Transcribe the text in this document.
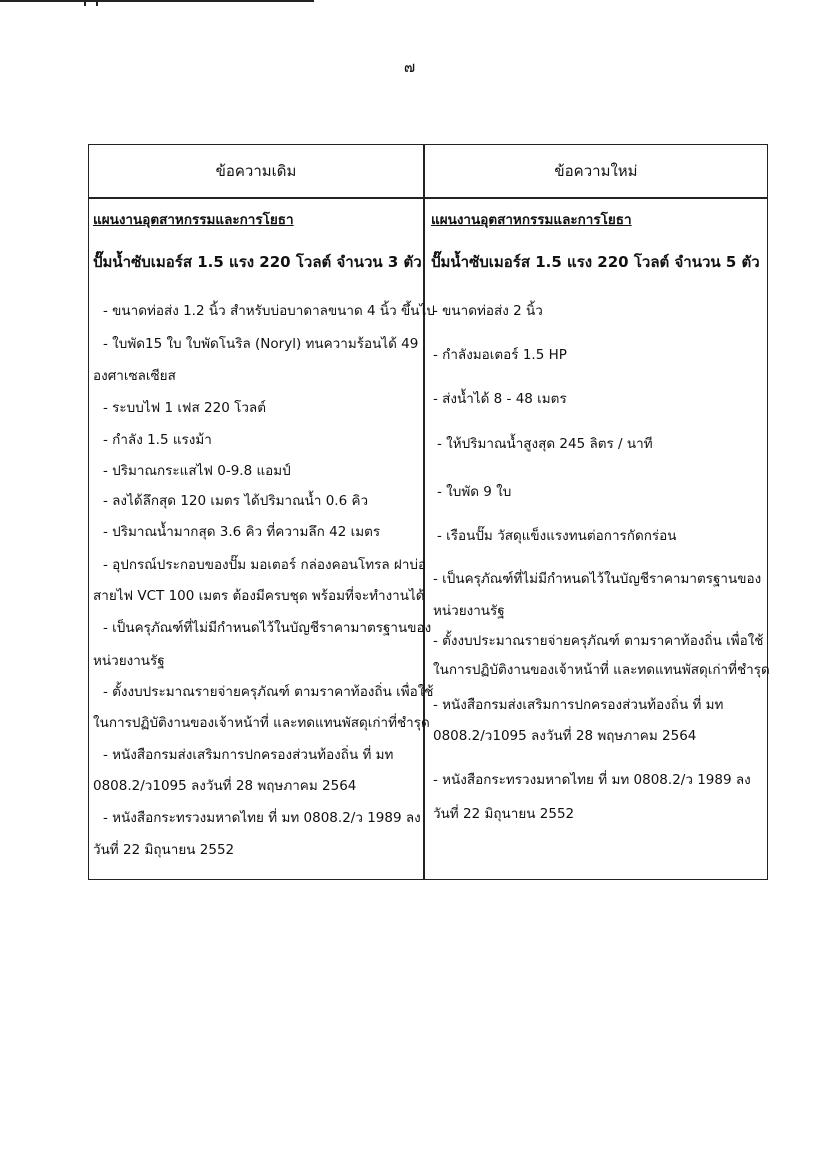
๗
ข้อความเดิม	ข้อความใหม่
แผนงานอุตสาหกรรมและการโยธา
ปั๊มน้ำซับเมอร์ส 1.5 แรง 220 โวลต์ จำนวน 3 ตัว
- ขนาดท่อส่ง 1.2 นิ้ว สำหรับบ่อบาดาลขนาด 4 นิ้ว ขึ้นไป
- ใบพัด15 ใบ ใบพัดโนริล (Noryl) ทนความร้อนได้ 49
องศาเซลเซียส
- ระบบไฟ 1 เฟส 220 โวลต์
- กำลัง 1.5 แรงม้า
- ปริมาณกระแสไฟ 0-9.8 แอมป์
- ลงได้ลึกสุด 120 เมตร ได้ปริมาณน้ำ 0.6 คิว
- ปริมาณน้ำมากสุด 3.6 คิว ที่ความลึก 42 เมตร
- อุปกรณ์ประกอบของปั๊ม มอเตอร์ กล่องคอนโทรล ฝาบ่อ
สายไฟ VCT 100 เมตร ต้องมีครบชุด พร้อมที่จะทำงานได้
- เป็นครุภัณฑ์ที่ไม่มีกำหนดไว้ในบัญชีราคามาตรฐานของ
หน่วยงานรัฐ
- ตั้งงบประมาณรายจ่ายครุภัณฑ์ ตามราคาท้องถิ่น เพื่อใช้
ในการปฏิบัติงานของเจ้าหน้าที่ และทดแทนพัสดุเก่าที่ชำรุด
- หนังสือกรมส่งเสริมการปกครองส่วนท้องถิ่น ที่ มท
0808.2/ว1095 ลงวันที่ 28 พฤษภาคม 2564
- หนังสือกระทรวงมหาดไทย ที่ มท 0808.2/ว 1989 ลง
วันที่ 22 มิถุนายน 2552
แผนงานอุตสาหกรรมและการโยธา
ปั๊มน้ำซับเมอร์ส 1.5 แรง 220 โวลต์ จำนวน 5 ตัว
- ขนาดท่อส่ง 2 นิ้ว
- กำลังมอเตอร์ 1.5 HP
- ส่งน้ำได้ 8 - 48 เมตร
- ให้ปริมาณน้ำสูงสุด 245 ลิตร / นาที
- ใบพัด 9 ใบ
- เรือนปั๊ม วัสดุแข็งแรงทนต่อการกัดกร่อน
- เป็นครุภัณฑ์ที่ไม่มีกำหนดไว้ในบัญชีราคามาตรฐานของ
หน่วยงานรัฐ
- ตั้งงบประมาณรายจ่ายครุภัณฑ์ ตามราคาท้องถิ่น เพื่อใช้
ในการปฏิบัติงานของเจ้าหน้าที่ และทดแทนพัสดุเก่าที่ชำรุด
- หนังสือกรมส่งเสริมการปกครองส่วนท้องถิ่น ที่ มท
0808.2/ว1095 ลงวันที่ 28 พฤษภาคม 2564
- หนังสือกระทรวงมหาดไทย ที่ มท 0808.2/ว 1989 ลง
วันที่ 22 มิถุนายน 2552
